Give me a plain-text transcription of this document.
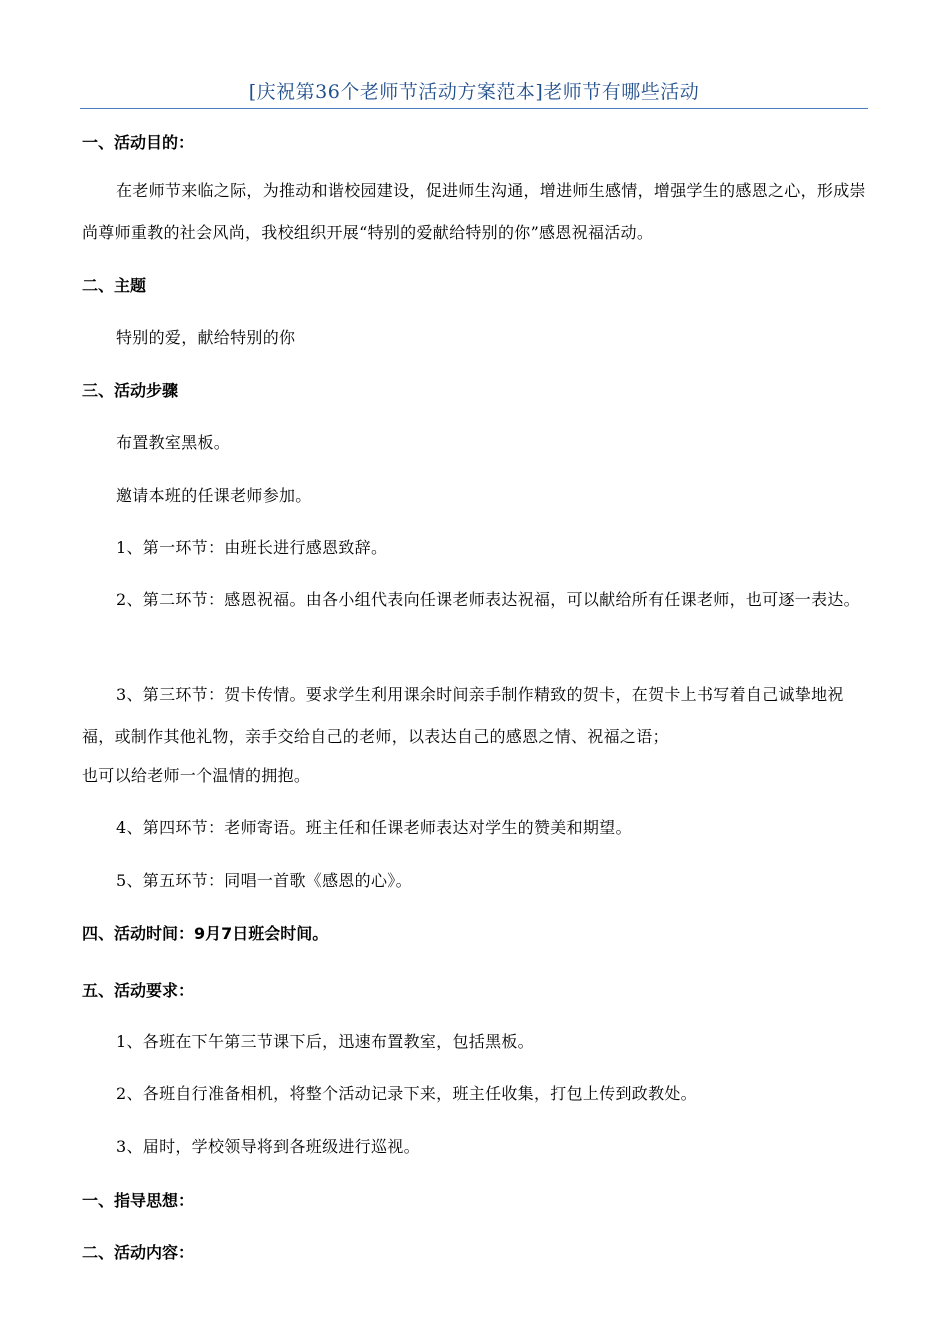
[庆祝第36个老师节活动方案范本]老师节有哪些活动
一、活动目的：
在老师节来临之际，为推动和谐校园建设，促进师生沟通，增进师生感情，增强学生的感恩之心，形成崇尚尊师重教的社会风尚，我校组织开展“特别的爱献给特别的你”感恩祝福活动。
二、主题
特别的爱，献给特别的你
三、活动步骤
布置教室黑板。
邀请本班的任课老师参加。
1、第一环节：由班长进行感恩致辞。
2、第二环节：感恩祝福。由各小组代表向任课老师表达祝福，可以献给所有任课老师，也可逐一表达。
3、第三环节：贺卡传情。要求学生利用课余时间亲手制作精致的贺卡，在贺卡上书写着自己诚挚地祝福，或制作其他礼物，亲手交给自己的老师，以表达自己的感恩之情、祝福之语；
也可以给老师一个温情的拥抱。
4、第四环节：老师寄语。班主任和任课老师表达对学生的赞美和期望。
5、第五环节：同唱一首歌《感恩的心》。
四、活动时间：9月7日班会时间。
五、活动要求：
1、各班在下午第三节课下后，迅速布置教室，包括黑板。
2、各班自行准备相机，将整个活动记录下来，班主任收集，打包上传到政教处。
3、届时，学校领导将到各班级进行巡视。
一、指导思想：
二、活动内容：
